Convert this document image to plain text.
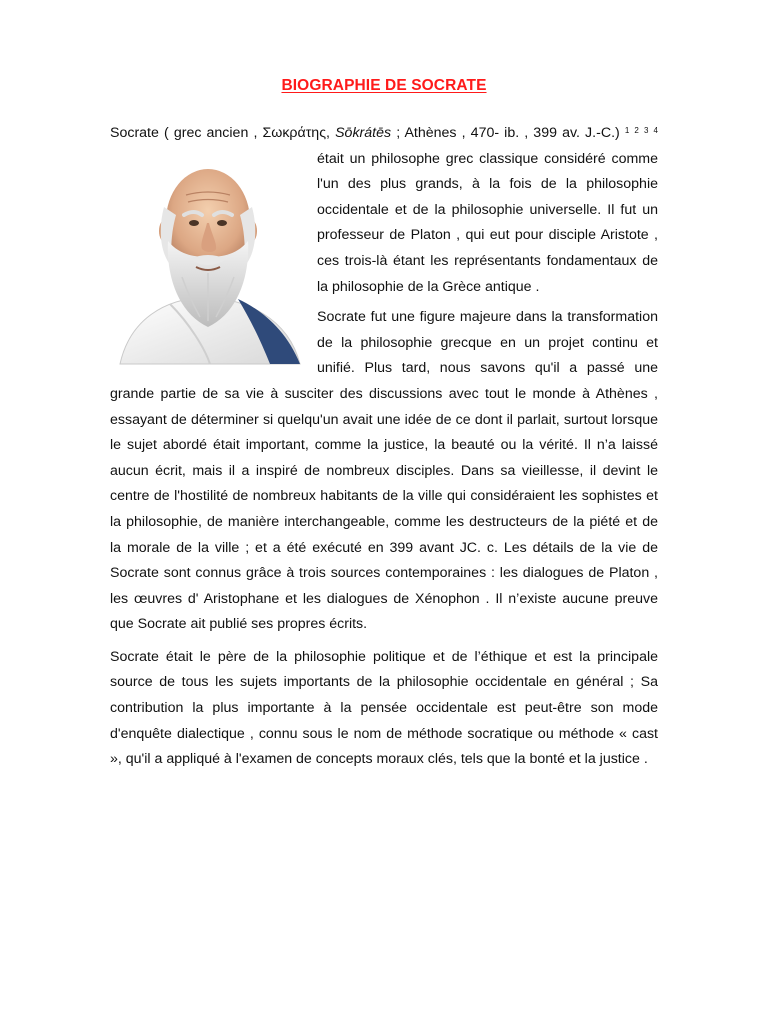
BIOGRAPHIE DE SOCRATE

Socrate ( grec ancien , Σωκράτης, Sōkrátēs ; Athènes , 470- ib. , 399 av. J.-C.) $^1$ $^2$ $^3$ $^4$
était un philosophe grec classique considéré comme l'un des plus grands, à la fois de la philosophie occidentale et de la philosophie universelle. Il fut un professeur de Platon , qui eut pour disciple Aristote , ces trois-là étant les représentants fondamentaux de la philosophie de la Grèce antique .

Socrate fut une figure majeure dans la transformation de la philosophie grecque en un projet continu et unifié. Plus tard, nous savons qu'il a passé une grande partie de sa vie à susciter des discussions avec tout le monde à Athènes , essayant de déterminer si quelqu'un avait une idée de ce dont il parlait, surtout lorsque le sujet abordé était important, comme la justice, la beauté ou la vérité. Il n’a laissé aucun écrit, mais il a inspiré de nombreux disciples. Dans sa vieillesse, il devint le centre de l'hostilité de nombreux habitants de la ville qui considéraient les sophistes et la philosophie, de manière interchangeable, comme les destructeurs de la piété et de la morale de la ville ; et a été exécuté en 399 avant JC. c. Les détails de la vie de Socrate sont connus grâce à trois sources contemporaines : les dialogues de Platon , les œuvres d' Aristophane et les dialogues de Xénophon . Il n’existe aucune preuve que Socrate ait publié ses propres écrits.

Socrate était le père de la philosophie politique et de l’éthique et est la principale source de tous les sujets importants de la philosophie occidentale en général ; Sa contribution la plus importante à la pensée occidentale est peut-être son mode d'enquête dialectique , connu sous le nom de méthode socratique ou méthode « cast », qu'il a appliqué à l'examen de concepts moraux clés, tels que la bonté et la justice .
